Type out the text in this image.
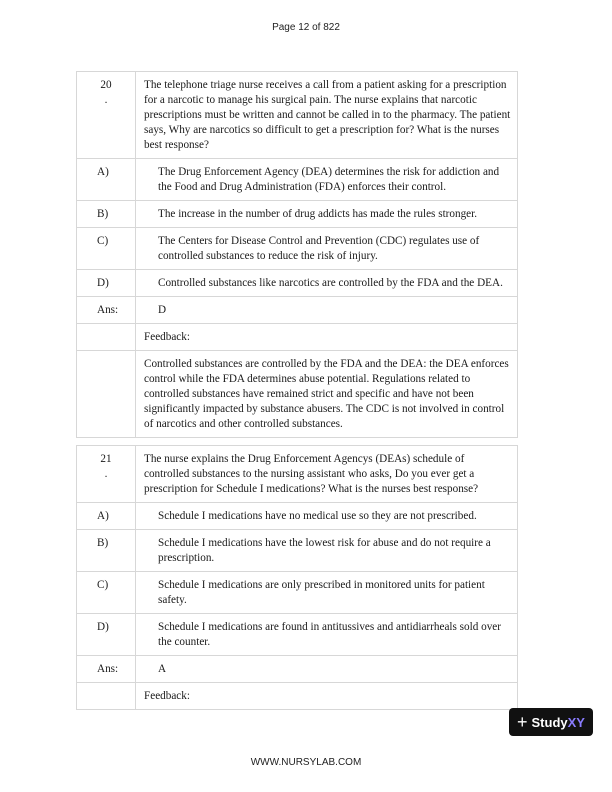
Page 12 of 822
20
.	The telephone triage nurse receives a call from a patient asking for a prescription for a narcotic to manage his surgical pain. The nurse explains that narcotic prescriptions must be written and cannot be called in to the pharmacy. The patient says, Why are narcotics so difficult to get a prescription for? What is the nurses best response?
A)	The Drug Enforcement Agency (DEA) determines the risk for addiction and the Food and Drug Administration (FDA) enforces their control.
B)	The increase in the number of drug addicts has made the rules stronger.
C)	The Centers for Disease Control and Prevention (CDC) regulates use of controlled substances to reduce the risk of injury.
D)	Controlled substances like narcotics are controlled by the FDA and the DEA.
Ans:	D
	Feedback:
	Controlled substances are controlled by the FDA and the DEA: the DEA enforces control while the FDA determines abuse potential. Regulations related to controlled substances have remained strict and specific and have not been significantly impacted by substance abusers. The CDC is not involved in control of narcotics and other controlled substances.
21
.	The nurse explains the Drug Enforcement Agencys (DEAs) schedule of controlled substances to the nursing assistant who asks, Do you ever get a prescription for Schedule I medications? What is the nurses best response?
A)	Schedule I medications have no medical use so they are not prescribed.
B)	Schedule I medications have the lowest risk for abuse and do not require a prescription.
C)	Schedule I medications are only prescribed in monitored units for patient safety.
D)	Schedule I medications are found in antitussives and antidiarrheals sold over the counter.
Ans:	A
	Feedback:
+ Study XY
WWW.NURSYLAB.COM
